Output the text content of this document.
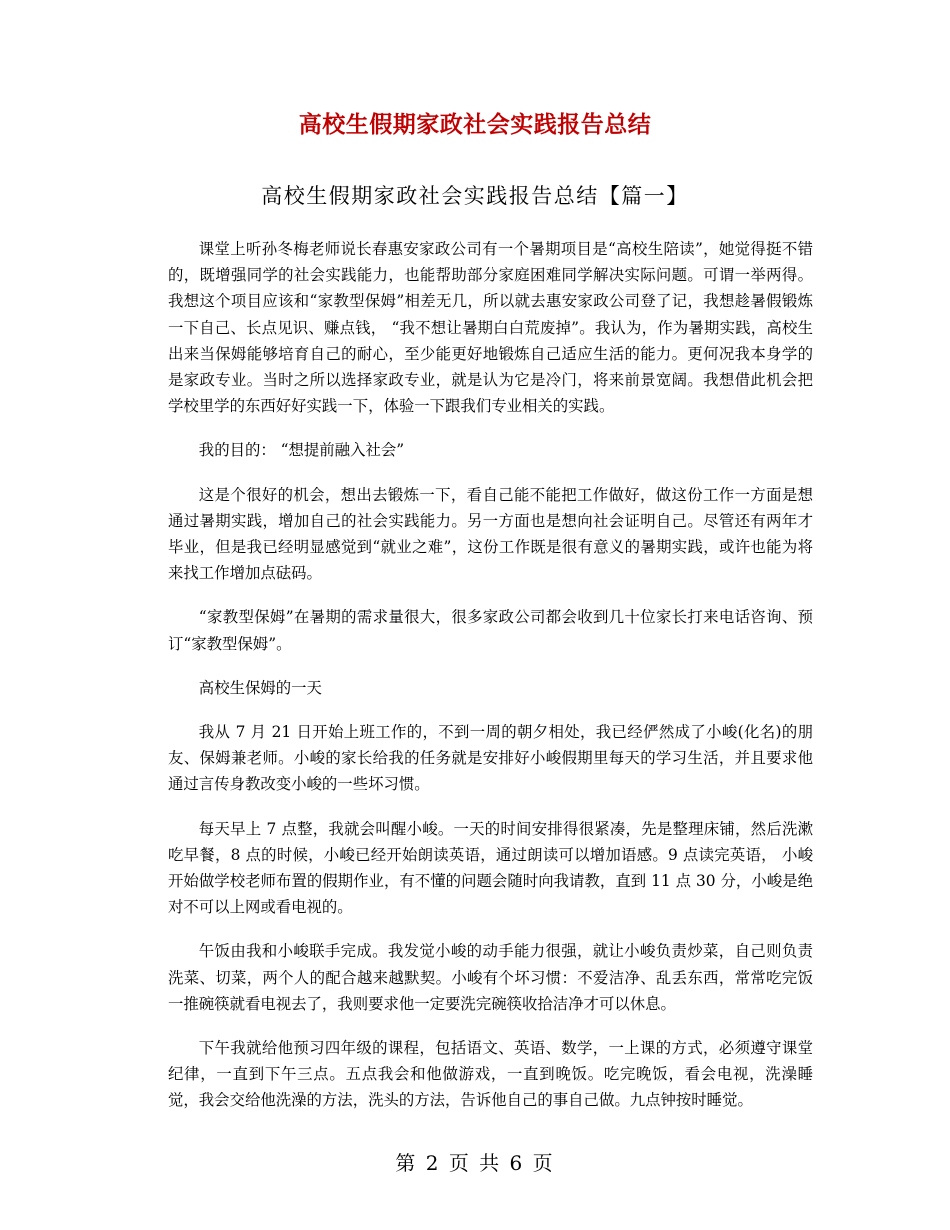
高校生假期家政社会实践报告总结
高校生假期家政社会实践报告总结【篇一】

课堂上听孙冬梅老师说长春惠安家政公司有一个暑期项目是“高校生陪读”，她觉得挺不错的，既增强同学的社会实践能力，也能帮助部分家庭困难同学解决实际问题。可谓一举两得。我想这个项目应该和“家教型保姆”相差无几，所以就去惠安家政公司登了记，我想趁暑假锻炼一下自己、长点见识、赚点钱， “我不想让暑期白白荒废掉”。我认为，作为暑期实践，高校生出来当保姆能够培育自己的耐心，至少能更好地锻炼自己适应生活的能力。更何况我本身学的是家政专业。当时之所以选择家政专业，就是认为它是冷门，将来前景宽阔。我想借此机会把学校里学的东西好好实践一下，体验一下跟我们专业相关的实践。

我的目的： “想提前融入社会”

这是个很好的机会，想出去锻炼一下，看自己能不能把工作做好，做这份工作一方面是想通过暑期实践，增加自己的社会实践能力。另一方面也是想向社会证明自己。尽管还有两年才毕业，但是我已经明显感觉到“就业之难”，这份工作既是很有意义的暑期实践，或许也能为将来找工作增加点砝码。

“家教型保姆”在暑期的需求量很大，很多家政公司都会收到几十位家长打来电话咨询、预订“家教型保姆”。

高校生保姆的一天

我从 7 月 21 日开始上班工作的，不到一周的朝夕相处，我已经俨然成了小峻(化名)的朋友、保姆兼老师。小峻的家长给我的任务就是安排好小峻假期里每天的学习生活，并且要求他通过言传身教改变小峻的一些坏习惯。

每天早上 7 点整，我就会叫醒小峻。一天的时间安排得很紧凑，先是整理床铺，然后洗漱吃早餐，8 点的时候，小峻已经开始朗读英语，通过朗读可以增加语感。9 点读完英语， 小峻开始做学校老师布置的假期作业，有不懂的问题会随时向我请教，直到 11 点 30 分，小峻是绝对不可以上网或看电视的。

午饭由我和小峻联手完成。我发觉小峻的动手能力很强，就让小峻负责炒菜，自己则负责洗菜、切菜，两个人的配合越来越默契。小峻有个坏习惯：不爱洁净、乱丢东西，常常吃完饭一推碗筷就看电视去了，我则要求他一定要洗完碗筷收拾洁净才可以休息。

下午我就给他预习四年级的课程，包括语文、英语、数学，一上课的方式，必须遵守课堂纪律，一直到下午三点。五点我会和他做游戏，一直到晚饭。吃完晚饭，看会电视，洗澡睡觉，我会交给他洗澡的方法，洗头的方法，告诉他自己的事自己做。九点钟按时睡觉。

第 2 页 共 6 页
